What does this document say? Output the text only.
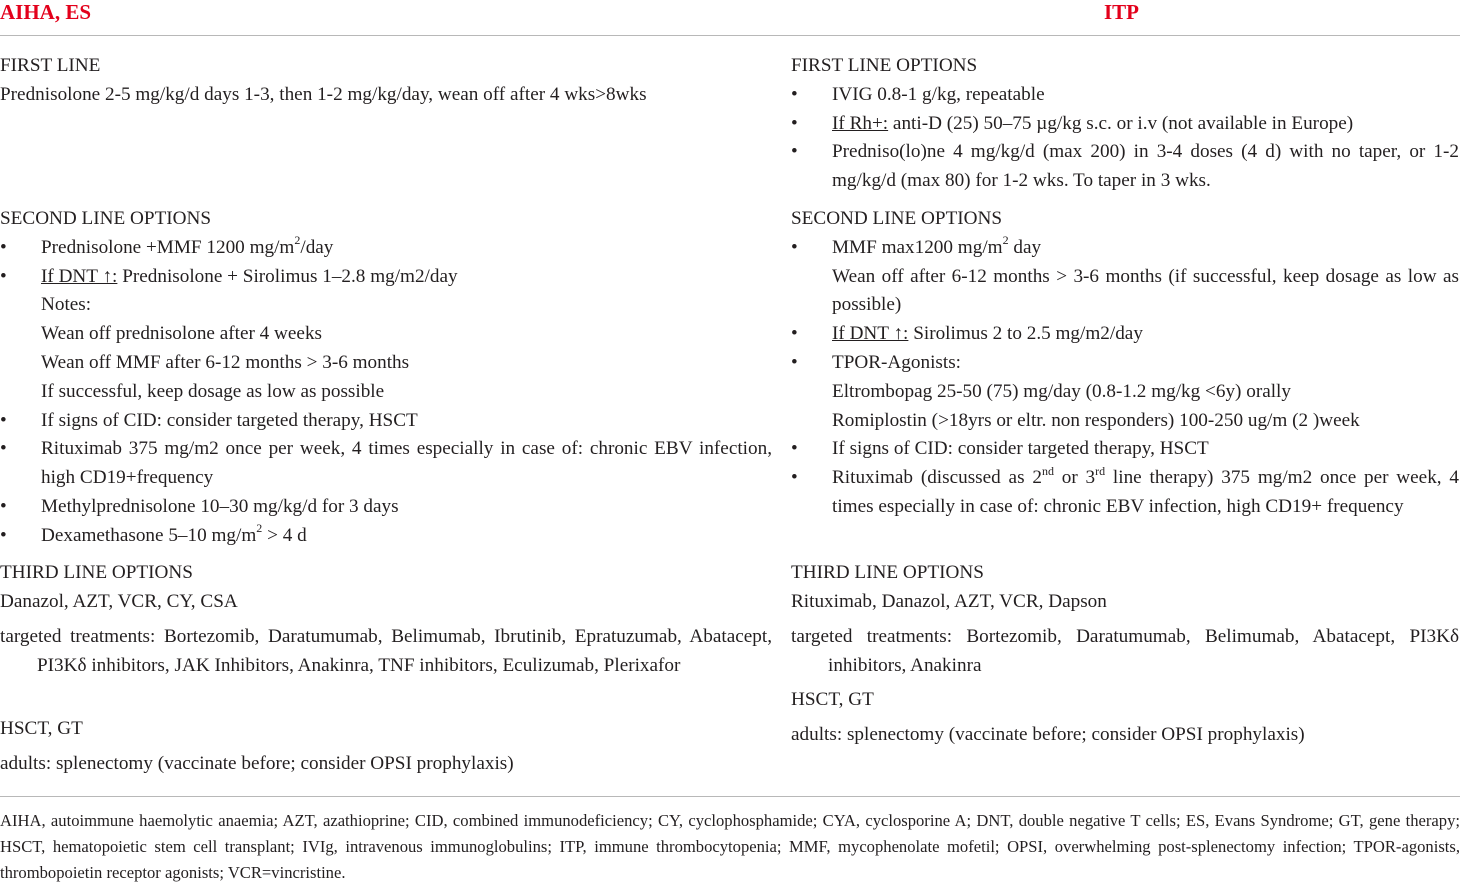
AIHA, ES	ITP
FIRST LINE
Prednisolone 2-5 mg/kg/d days 1-3, then 1-2 mg/kg/day, wean off after 4 wks>8wks
SECOND LINE OPTIONS
• Prednisolone +MMF 1200 $mg/m^2$/day
• If DNT ↑: Prednisolone + Sirolimus 1–2.8 mg/m2/day
Notes:
Wean off prednisolone after 4 weeks
Wean off MMF after 6-12 months > 3-6 months
If successful, keep dosage as low as possible
• If signs of CID: consider targeted therapy, HSCT
• Rituximab 375 mg/m2 once per week, 4 times especially in case of: chronic EBV infection, high CD19+frequency
• Methylprednisolone 10–30 mg/kg/d for 3 days
• Dexamethasone 5–10 $mg/m^2 > 4$ d
THIRD LINE OPTIONS
Danazol, AZT, VCR, CY, CSA
targeted treatments: Bortezomib, Daratumumab, Belimumab, Ibrutinib, Epratuzumab, Abatacept, PI3Kδ inhibitors, JAK Inhibitors, Anakinra, TNF inhibitors, Eculizumab, Plerixafor
HSCT, GT
adults: splenectomy (vaccinate before; consider OPSI prophylaxis)
FIRST LINE OPTIONS
• IVIG 0.8-1 g/kg, repeatable
• If Rh+: anti-D (25) 50–75 µg/kg s.c. or i.v (not available in Europe)
• Predniso(lo)ne 4 mg/kg/d (max 200) in 3-4 doses (4 d) with no taper, or 1-2 mg/kg/d (max 80) for 1-2 wks. To taper in 3 wks.
SECOND LINE OPTIONS
• MMF max1200 $mg/m^2$ day
Wean off after 6-12 months > 3-6 months (if successful, keep dosage as low as possible)
• If DNT ↑: Sirolimus 2 to 2.5 mg/m2/day
• TPOR-Agonists:
Eltrombopag 25-50 (75) mg/day (0.8-1.2 mg/kg <6y) orally
Romiplostin (>18yrs or eltr. non responders) 100-250 ug/m (2 )week
• If signs of CID: consider targeted therapy, HSCT
• Rituximab (discussed as 2nd or 3rd line therapy) 375 mg/m2 once per week, 4 times especially in case of: chronic EBV infection, high CD19+ frequency
THIRD LINE OPTIONS
Rituximab, Danazol, AZT, VCR, Dapson
targeted treatments: Bortezomib, Daratumumab, Belimumab, Abatacept, PI3Kδ inhibitors, Anakinra
HSCT, GT
adults: splenectomy (vaccinate before; consider OPSI prophylaxis)
AIHA, autoimmune haemolytic anaemia; AZT, azathioprine; CID, combined immunodeficiency; CY, cyclophosphamide; CYA, cyclosporine A; DNT, double negative T cells; ES, Evans Syndrome; GT, gene therapy; HSCT, hematopoietic stem cell transplant; IVIg, intravenous immunoglobulins; ITP, immune thrombocytopenia; MMF, mycophenolate mofetil; OPSI, overwhelming post-splenectomy infection; TPOR-agonists, thrombopoietin receptor agonists; VCR=vincristine.
